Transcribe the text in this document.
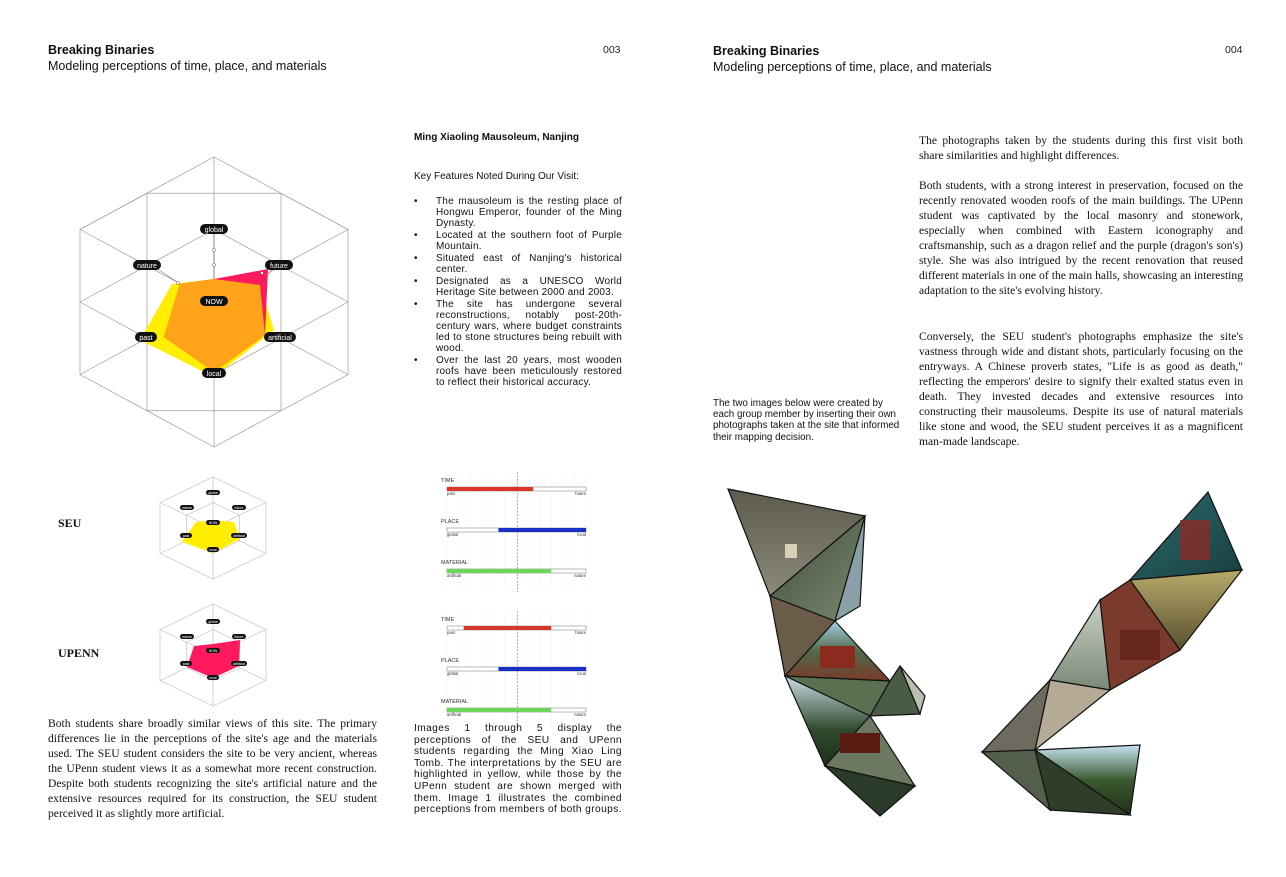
Breaking Binaries
Modeling perceptions of time, place, and materials
003
global
nature	future
NOW
past	artificial
local
SEU
global
nature	future
NOW
past	artificial
local
UPENN
global
nature	future
NOW
past	artificial
local
Both students share broadly similar views of this site. The primary differences lie in the perceptions of the site's age and the materials used. The SEU student considers the site to be very ancient, whereas the UPenn student views it as a somewhat more recent construction. Despite both students recognizing the site's artificial nature and the extensive resources required for its construction, the SEU student perceived it as slightly more artificial.
Ming Xiaoling Mausoleum, Nanjing
Key Features Noted During Our Visit:
• The mausoleum is the resting place of Hongwu Emperor, founder of the Ming Dynasty.
• Located at the southern foot of Purple Mountain.
• Situated east of Nanjing's historical center.
• Designated as a UNESCO World Heritage Site between 2000 and 2003.
• The site has undergone several reconstructions, notably post-20th-century wars, where budget constraints led to stone structures being rebuilt with wood.
• Over the last 20 years, most wooden roofs have been meticulously restored to reflect their historical accuracy.
TIME
past	future
PLACE
global	local
MATERIAL
artificial	nature
TIME
past	future
PLACE
global	local
MATERIAL
artificial	nature
Images 1 through 5 display the perceptions of the SEU and UPenn students regarding the Ming Xiao Ling Tomb. The interpretations by the SEU are highlighted in yellow, while those by the UPenn student are shown merged with them. Image 1 illustrates the combined perceptions from members of both groups.
Breaking Binaries
Modeling perceptions of time, place, and materials
004
The photographs taken by the students during this first visit both share similarities and highlight differences.
Both students, with a strong interest in preservation, focused on the recently renovated wooden roofs of the main buildings. The UPenn student was captivated by the local masonry and stonework, especially when combined with Eastern iconography and craftsmanship, such as a dragon relief and the purple (dragon's son's) style. She was also intrigued by the recent renovation that reused different materials in one of the main halls, showcasing an interesting adaptation to the site's evolving history.
Conversely, the SEU student's photographs emphasize the site's vastness through wide and distant shots, particularly focusing on the entryways. A Chinese proverb states, "Life is as good as death," reflecting the emperors' desire to signify their exalted status even in death. They invested decades and extensive resources into constructing their mausoleums. Despite its use of natural materials like stone and wood, the SEU student perceives it as a magnificent man-made landscape.
The two images below were created by each group member by inserting their own photographs taken at the site that informed their mapping decision.
